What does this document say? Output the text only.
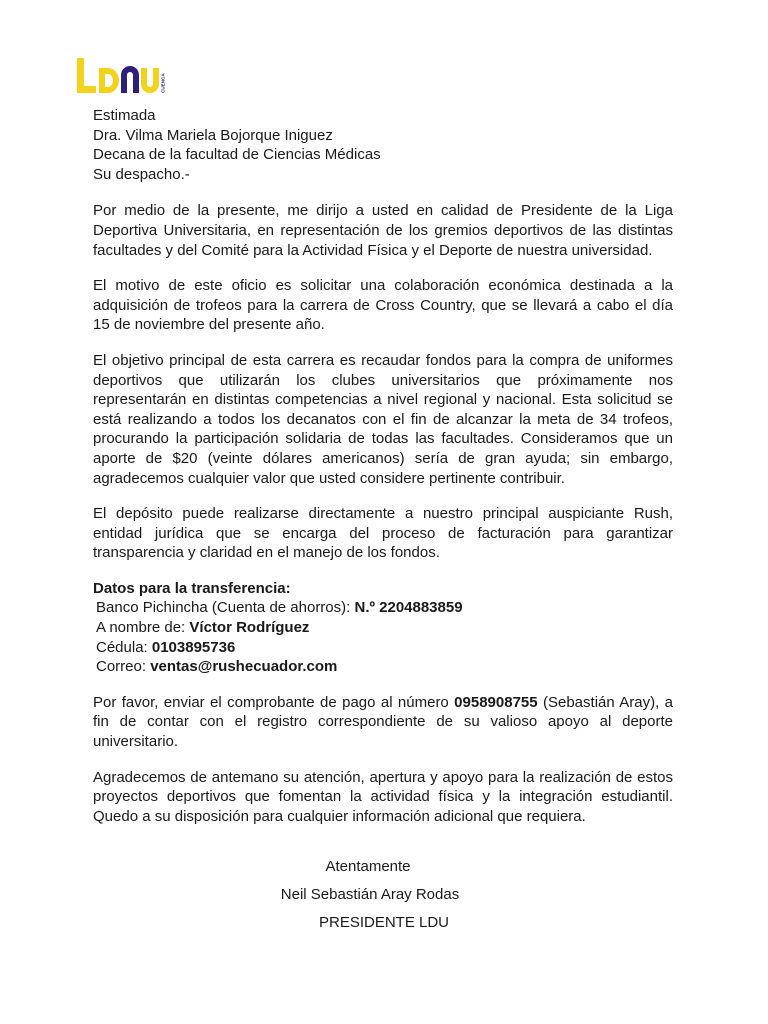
CUENCA

Estimada

Dra. Vilma Mariela Bojorque Iniguez

Decana de la facultad de Ciencias Médicas

Su despacho.-

Por medio de la presente, me dirijo a usted en calidad de Presidente de la Liga Deportiva Universitaria, en representación de los gremios deportivos de las distintas facultades y del Comité para la Actividad Física y el Deporte de nuestra universidad.

El motivo de este oficio es solicitar una colaboración económica destinada a la adquisición de trofeos para la carrera de Cross Country, que se llevará a cabo el día 15 de noviembre del presente año.

El objetivo principal de esta carrera es recaudar fondos para la compra de uniformes deportivos que utilizarán los clubes universitarios que próximamente nos representarán en distintas competencias a nivel regional y nacional. Esta solicitud se está realizando a todos los decanatos con el fin de alcanzar la meta de 34 trofeos, procurando la participación solidaria de todas las facultades. Consideramos que un aporte de $20 (veinte dólares americanos) sería de gran ayuda; sin embargo, agradecemos cualquier valor que usted considere pertinente contribuir.

El depósito puede realizarse directamente a nuestro principal auspiciante Rush, entidad jurídica que se encarga del proceso de facturación para garantizar transparencia y claridad en el manejo de los fondos.

Datos para la transferencia:
Banco Pichincha (Cuenta de ahorros): N.º 2204883859
A nombre de: Víctor Rodríguez
Cédula: 0103895736
Correo: ventas@rushecuador.com

Por favor, enviar el comprobante de pago al número 0958908755 (Sebastián Aray), a fin de contar con el registro correspondiente de su valioso apoyo al deporte universitario.

Agradecemos de antemano su atención, apertura y apoyo para la realización de estos proyectos deportivos que fomentan la actividad física y la integración estudiantil. Quedo a su disposición para cualquier información adicional que requiera.

Atentamente
Neil Sebastián Aray Rodas
PRESIDENTE LDU
